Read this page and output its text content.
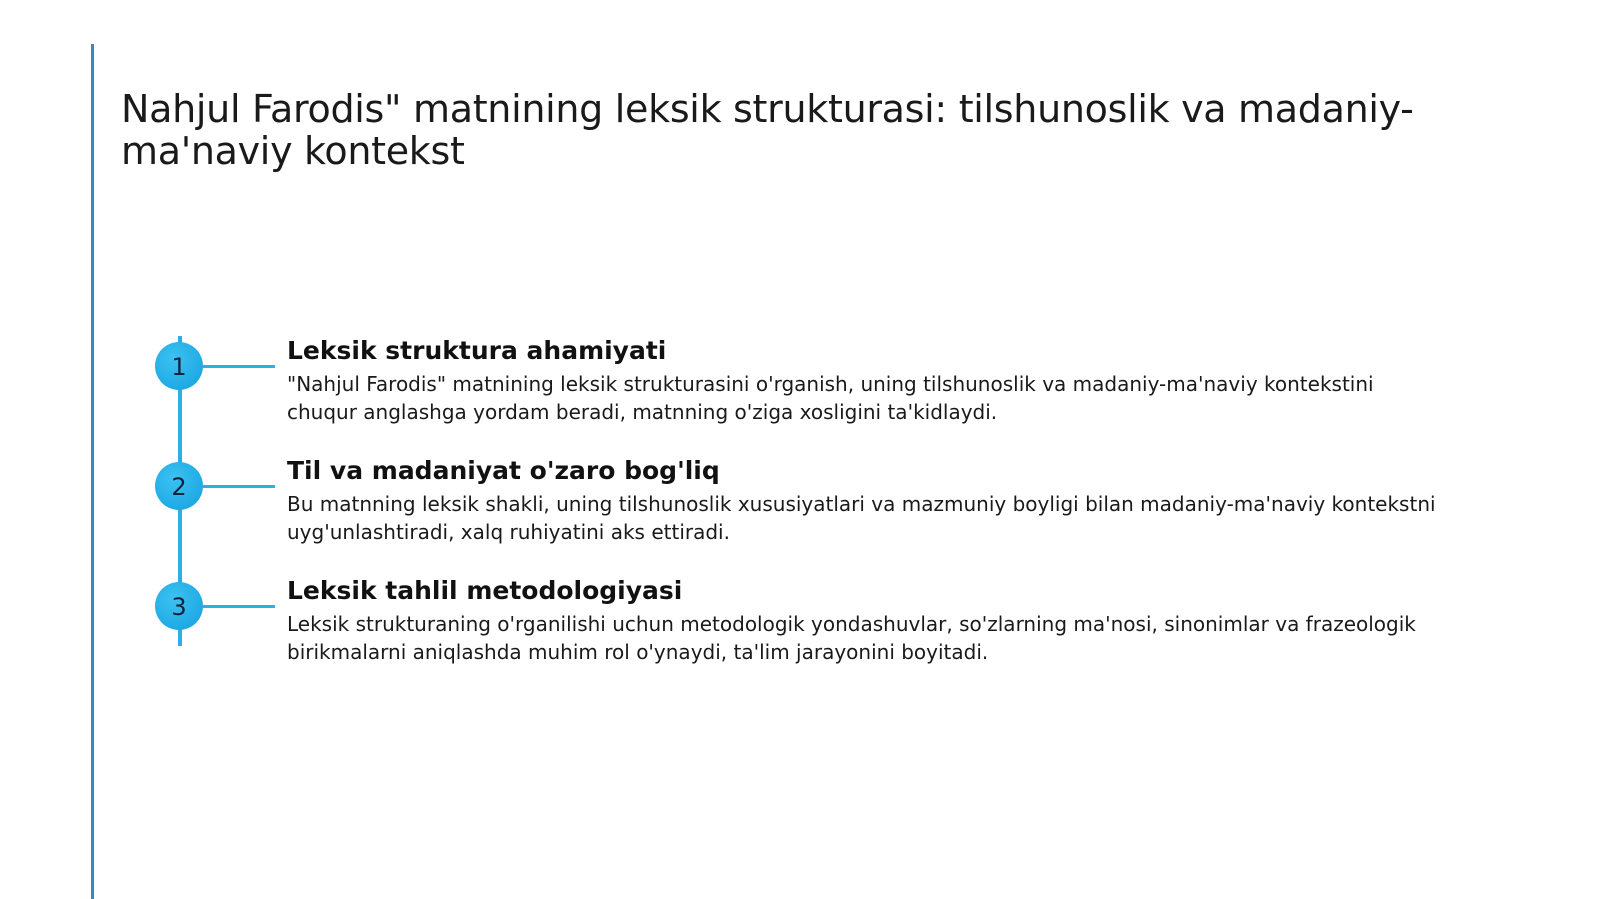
Nahjul Farodis" matnining leksik strukturasi: tilshunoslik va madaniy-ma'naviy kontekst
1
Leksik struktura ahamiyati

"Nahjul Farodis" matnining leksik strukturasini o'rganish, uning tilshunoslik va madaniy-ma'naviy kontekstini chuqur anglashga yordam beradi, matnning o'ziga xosligini ta'kidlaydi.

2
Til va madaniyat o'zaro bog'liq

Bu matnning leksik shakli, uning tilshunoslik xususiyatlari va mazmuniy boyligi bilan madaniy-ma'naviy kontekstni uyg'unlashtiradi, xalq ruhiyatini aks ettiradi.

3
Leksik tahlil metodologiyasi

Leksik strukturaning o'rganilishi uchun metodologik yondashuvlar, so'zlarning ma'nosi, sinonimlar va frazeologik birikmalarni aniqlashda muhim rol o'ynaydi, ta'lim jarayonini boyitadi.
